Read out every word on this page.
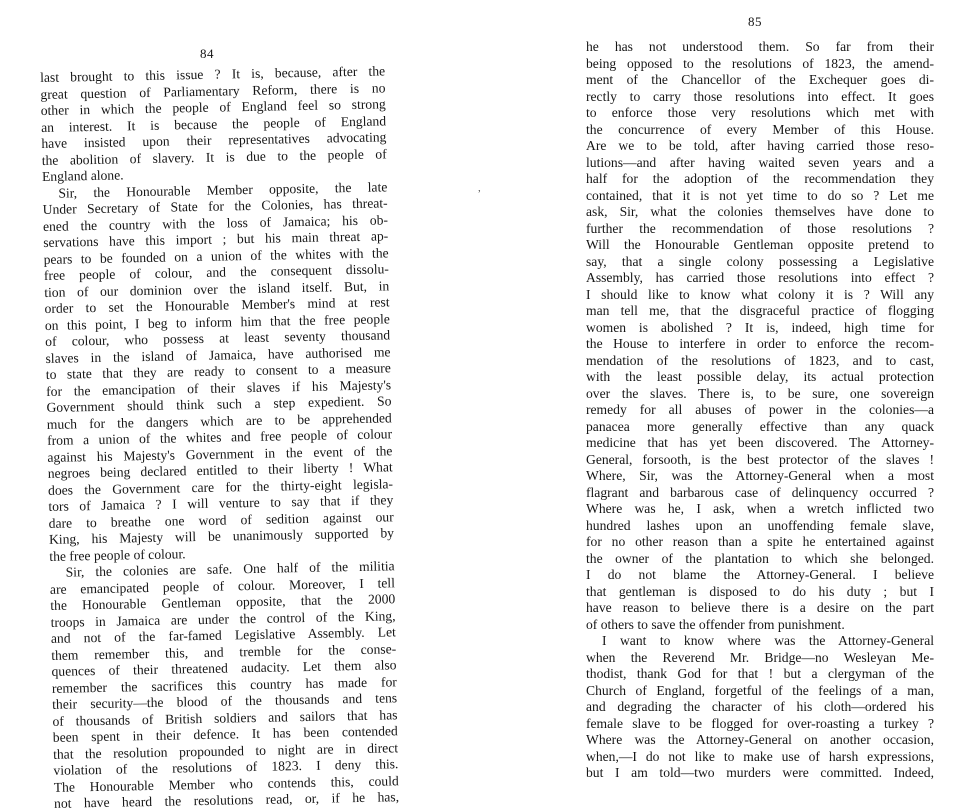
84
last brought to this issue ? It is, because, after the
great question of Parliamentary Reform, there is no
other in which the people of England feel so strong
an interest. It is because the people of England
have insisted upon their representatives advocating
the abolition of slavery. It is due to the people of
England alone.
Sir, the Honourable Member opposite, the late
Under Secretary of State for the Colonies, has threat-
ened the country with the loss of Jamaica; his ob-
servations have this import ; but his main threat ap-
pears to be founded on a union of the whites with the
free people of colour, and the consequent dissolu-
tion of our dominion over the island itself. But, in
order to set the Honourable Member's mind at rest
on this point, I beg to inform him that the free people
of colour, who possess at least seventy thousand
slaves in the island of Jamaica, have authorised me
to state that they are ready to consent to a measure
for the emancipation of their slaves if his Majesty's
Government should think such a step expedient. So
much for the dangers which are to be apprehended
from a union of the whites and free people of colour
against his Majesty's Government in the event of the
negroes being declared entitled to their liberty ! What
does the Government care for the thirty-eight legisla-
tors of Jamaica ? I will venture to say that if they
dare to breathe one word of sedition against our
King, his Majesty will be unanimously supported by
the free people of colour.
Sir, the colonies are safe. One half of the militia
are emancipated people of colour. Moreover, I tell
the Honourable Gentleman opposite, that the 2000
troops in Jamaica are under the control of the King,
and not of the far-famed Legislative Assembly. Let
them remember this, and tremble for the conse-
quences of their threatened audacity. Let them also
remember the sacrifices this country has made for
their security—the blood of the thousands and tens
of thousands of British soldiers and sailors that has
been spent in their defence. It has been contended
that the resolution propounded to night are in direct
violation of the resolutions of 1823. I deny this.
The Honourable Member who contends this, could
not have heard the resolutions read, or, if he has,
85
he has not understood them. So far from their
being opposed to the resolutions of 1823, the amend-
ment of the Chancellor of the Exchequer goes di-
rectly to carry those resolutions into effect. It goes
to enforce those very resolutions which met with
the concurrence of every Member of this House.
Are we to be told, after having carried those reso-
lutions—and after having waited seven years and a
half for the adoption of the recommendation they
contained, that it is not yet time to do so ? Let me
ask, Sir, what the colonies themselves have done to
further the recommendation of those resolutions ?
Will the Honourable Gentleman opposite pretend to
say, that a single colony possessing a Legislative
Assembly, has carried those resolutions into effect ?
I should like to know what colony it is ? Will any
man tell me, that the disgraceful practice of flogging
women is abolished ? It is, indeed, high time for
the House to interfere in order to enforce the recom-
mendation of the resolutions of 1823, and to cast,
with the least possible delay, its actual protection
over the slaves. There is, to be sure, one sovereign
remedy for all abuses of power in the colonies—a
panacea more generally effective than any quack
medicine that has yet been discovered. The Attorney-
General, forsooth, is the best protector of the slaves !
Where, Sir, was the Attorney-General when a most
flagrant and barbarous case of delinquency occurred ?
Where was he, I ask, when a wretch inflicted two
hundred lashes upon an unoffending female slave,
for no other reason than a spite he entertained against
the owner of the plantation to which she belonged.
I do not blame the Attorney-General. I believe
that gentleman is disposed to do his duty ; but I
have reason to believe there is a desire on the part
of others to save the offender from punishment.
I want to know where was the Attorney-General
when the Reverend Mr. Bridge—no Wesleyan Me-
thodist, thank God for that ! but a clergyman of the
Church of England, forgetful of the feelings of a man,
and degrading the character of his cloth—ordered his
female slave to be flogged for over-roasting a turkey ?
Where was the Attorney-General on another occasion,
when,—I do not like to make use of harsh expressions,
but I am told—two murders were committed. Indeed,
,
